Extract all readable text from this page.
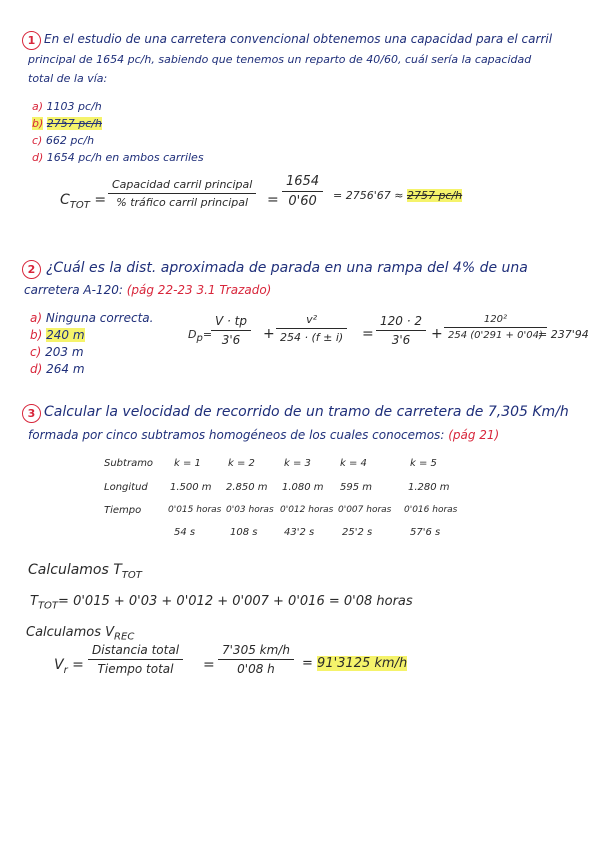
1 En el estudio de una carretera convencional obtenemos una capacidad para el carril
principal de 1654 pc/h, sabiendo que tenemos un reparto de 40/60, cuál sería la capacidad
total de la vía:
a) 1103 pc/h
b) 2757 pc/h
c) 662 pc/h
d) 1654 pc/h en ambos carriles
$C_{TOT}$ =
Capacidad carril principal
% tráfico carril principal	= $\frac{1654}{0'60} = 2756'67 \approx 2757$ pc/h
2 ¿Cuál es la dist. aproximada de parada en una rampa del 4% de una
carretera A-120: (pág 22-23 3.1 Trazado)
a) Ninguna correcta.
b) 240 m
c) 203 m
d) 264 m
$D_p=$
$\frac{V \cdot tp}{3'6} + \frac{\text{v²}}{254 \cdot (f \pm i)} = \frac{120 \cdot 2}{3'6} + \frac{\text{120²}}{254 (0'291 + 0'04)}$
= 237'94
3 Calcular la velocidad de recorrido de un tramo de carretera de 7,305 Km/h
formada por cinco subtramos homogéneos de los cuales conocemos: (pág 21)
Subtramo k = 1	k = 2	k = 3	k = 4	k = 5
Longitud 1.500 m 2.850 m 1.080 m 595 m	1.280 m
Tiempo	0'015 horas 0'03 horas 0'012 horas 0'007 horas 0'016 horas
54 s	108 s	43'2 s	25'2 s	57'6 s
Calculamos $T_{TOT}$
$T_{TOT}= 0'015 + 0'03 + 0'012 + 0'007 + 0'016 = 0'08$ horas
Calculamos $V_{REC}$
$V_r$ =
Distancia total
Tiempo total	= $\frac{7'305 km/h}{0'08 h} = 91'3125$ km/h
